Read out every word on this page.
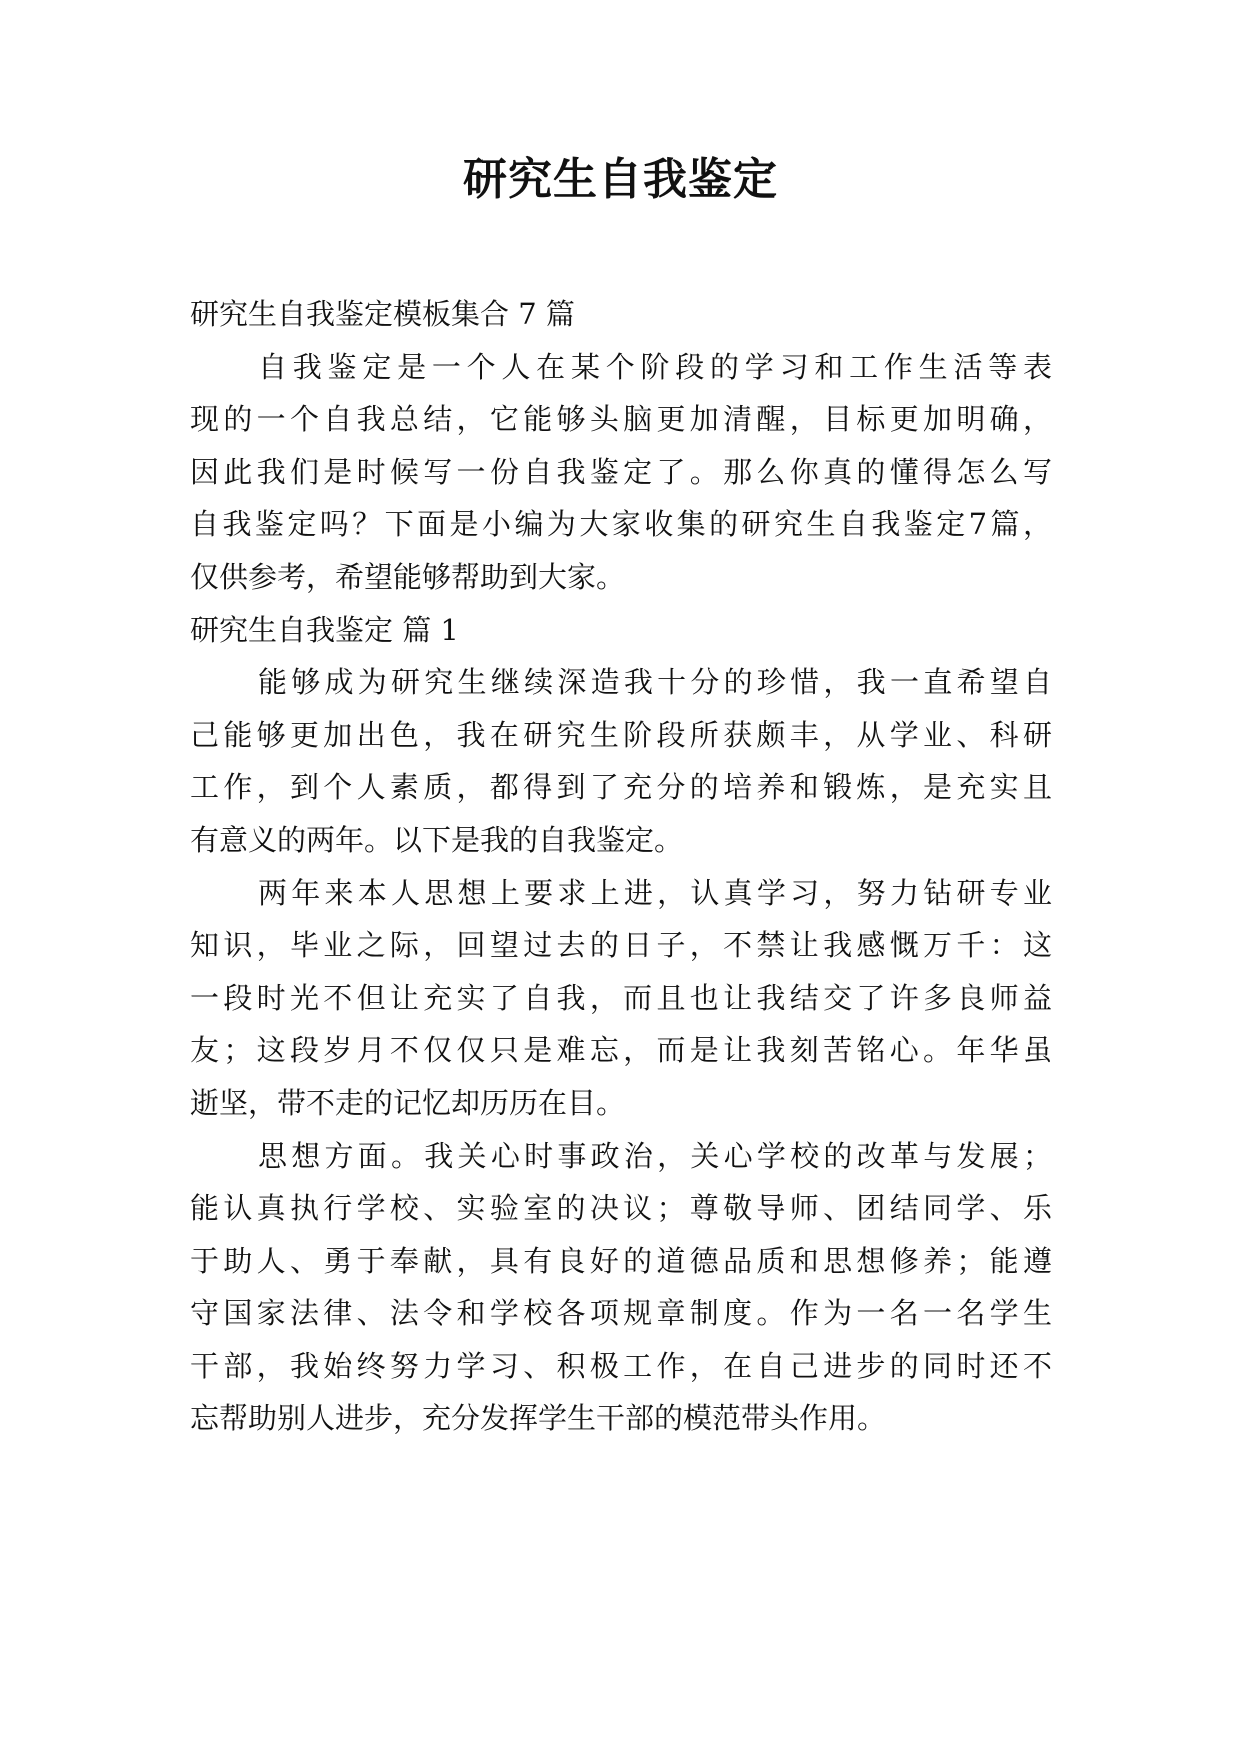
研究生自我鉴定
研究生自我鉴定模板集合 7 篇
自我鉴定是一个人在某个阶段的学习和工作生活等表
现的一个自我总结，它能够头脑更加清醒，目标更加明确，
因此我们是时候写一份自我鉴定了。那么你真的懂得怎么写
自我鉴定吗？下面是小编为大家收集的研究生自我鉴定7篇，
仅供参考，希望能够帮助到大家。
研究生自我鉴定 篇 1
能够成为研究生继续深造我十分的珍惜，我一直希望自
己能够更加出色，我在研究生阶段所获颇丰，从学业、科研
工作，到个人素质，都得到了充分的培养和锻炼，是充实且
有意义的两年。以下是我的自我鉴定。
两年来本人思想上要求上进，认真学习，努力钻研专业
知识，毕业之际，回望过去的日子，不禁让我感慨万千：这
一段时光不但让充实了自我，而且也让我结交了许多良师益
友；这段岁月不仅仅只是难忘，而是让我刻苦铭心。年华虽
逝坚，带不走的记忆却历历在目。
思想方面。我关心时事政治，关心学校的改革与发展；
能认真执行学校、实验室的决议；尊敬导师、团结同学、乐
于助人、勇于奉献，具有良好的道德品质和思想修养；能遵
守国家法律、法令和学校各项规章制度。作为一名一名学生
干部，我始终努力学习、积极工作，在自己进步的同时还不
忘帮助别人进步，充分发挥学生干部的模范带头作用。
